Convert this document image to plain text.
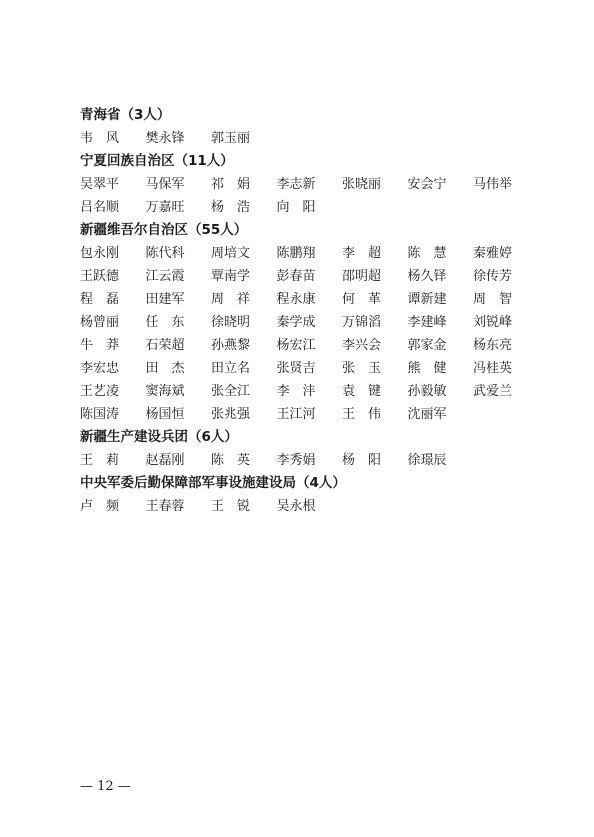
青海省（3人）
韦　风 樊永锋 郭玉丽
宁夏回族自治区（11人）
吴翠平 马保军 祁　娟 李志新 张晓丽 安会宁 马伟举
吕名顺 万嘉旺 杨　浩 向　阳
新疆维吾尔自治区（55人）
包永刚 陈代科 周培文 陈鹏翔 李　超 陈　慧 秦雅婷
王跃德 江云霞 覃南学 彭春苗 邵明超 杨久铎 徐传芳
程　磊 田建军 周　祥 程永康 何　革 谭新建 周　智
杨曾丽 任　东 徐晓明 秦学成 万锦滔 李建峰 刘锐峰
牛　莽 石荣超 孙燕黎 杨宏江 李兴会 郭家金 杨东亮
李宏忠 田　杰 田立名 张贤吉 张　玉 熊　健 冯桂英
王艺凌 窦海斌 张全江 李　沣 袁　键 孙毅敏 武爱兰
陈国涛 杨国恒 张兆强 王江河 王　伟 沈丽军
新疆生产建设兵团（6人）
王　莉 赵磊刚 陈　英 李秀娟 杨　阳 徐璟辰
中央军委后勤保障部军事设施建设局（4人）
卢　频 王春蓉 王　锐 吴永根
— 12 —
